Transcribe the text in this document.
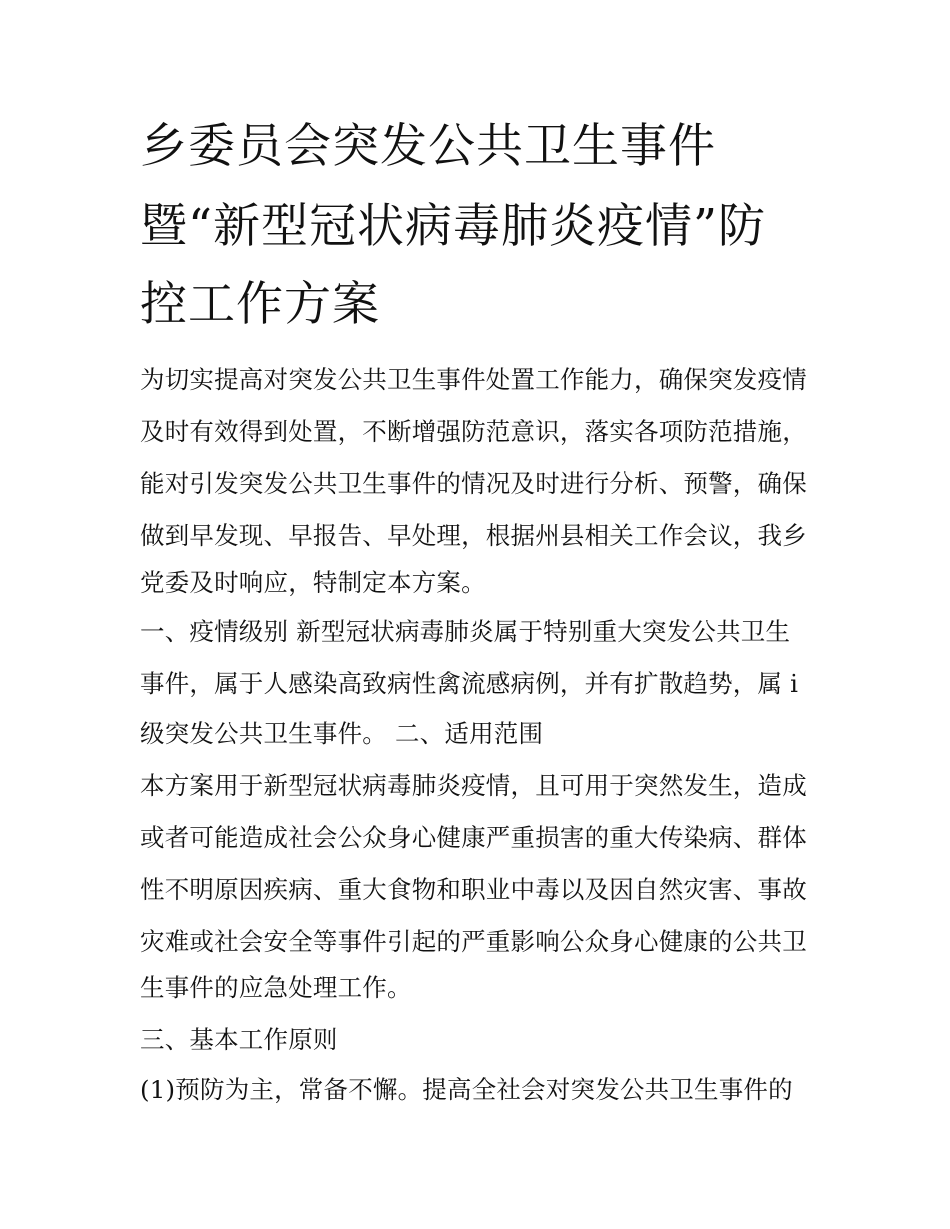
乡委员会突发公共卫生事件
暨“新型冠状病毒肺炎疫情”防
控工作方案
为切实提高对突发公共卫生事件处置工作能力，确保突发疫情
及时有效得到处置，不断增强防范意识，落实各项防范措施，
能对引发突发公共卫生事件的情况及时进行分析、预警，确保
做到早发现、早报告、早处理，根据州县相关工作会议，我乡
党委及时响应，特制定本方案。
一、疫情级别 新型冠状病毒肺炎属于特别重大突发公共卫生
事件，属于人感染高致病性禽流感病例，并有扩散趋势，属 i
级突发公共卫生事件。 二、适用范围
本方案用于新型冠状病毒肺炎疫情，且可用于突然发生，造成
或者可能造成社会公众身心健康严重损害的重大传染病、群体
性不明原因疾病、重大食物和职业中毒以及因自然灾害、事故
灾难或社会安全等事件引起的严重影响公众身心健康的公共卫
生事件的应急处理工作。
三、基本工作原则
(1)预防为主，常备不懈。提高全社会对突发公共卫生事件的
